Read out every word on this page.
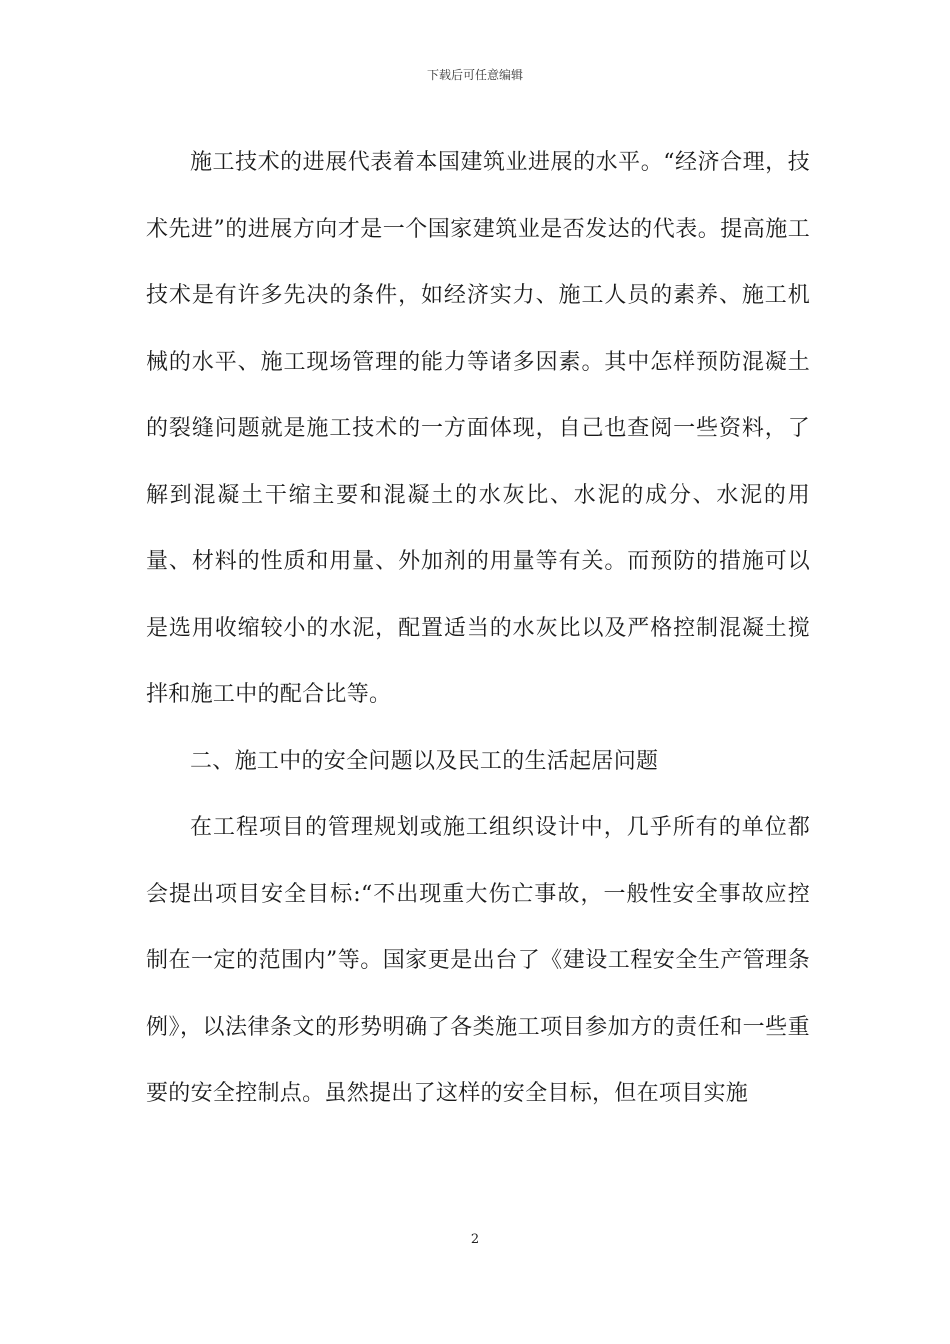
下载后可任意编辑

施工技术的进展代表着本国建筑业进展的水平。“经济合理，技术先进”的进展方向才是一个国家建筑业是否发达的代表。提高施工技术是有许多先决的条件，如经济实力、施工人员的素养、施工机械的水平、施工现场管理的能力等诸多因素。其中怎样预防混凝土的裂缝问题就是施工技术的一方面体现，自己也查阅一些资料，了解到混凝土干缩主要和混凝土的水灰比、水泥的成分、水泥的用量、材料的性质和用量、外加剂的用量等有关。而预防的措施可以是选用收缩较小的水泥，配置适当的水灰比以及严格控制混凝土搅拌和施工中的配合比等。

二、施工中的安全问题以及民工的生活起居问题

在工程项目的管理规划或施工组织设计中，几乎所有的单位都会提出项目安全目标:“不出现重大伤亡事故，一般性安全事故应控制在一定的范围内”等。国家更是出台了《建设工程安全生产管理条例》，以法律条文的形势明确了各类施工项目参加方的责任和一些重要的安全控制点。虽然提出了这样的安全目标，但在项目实施

2
